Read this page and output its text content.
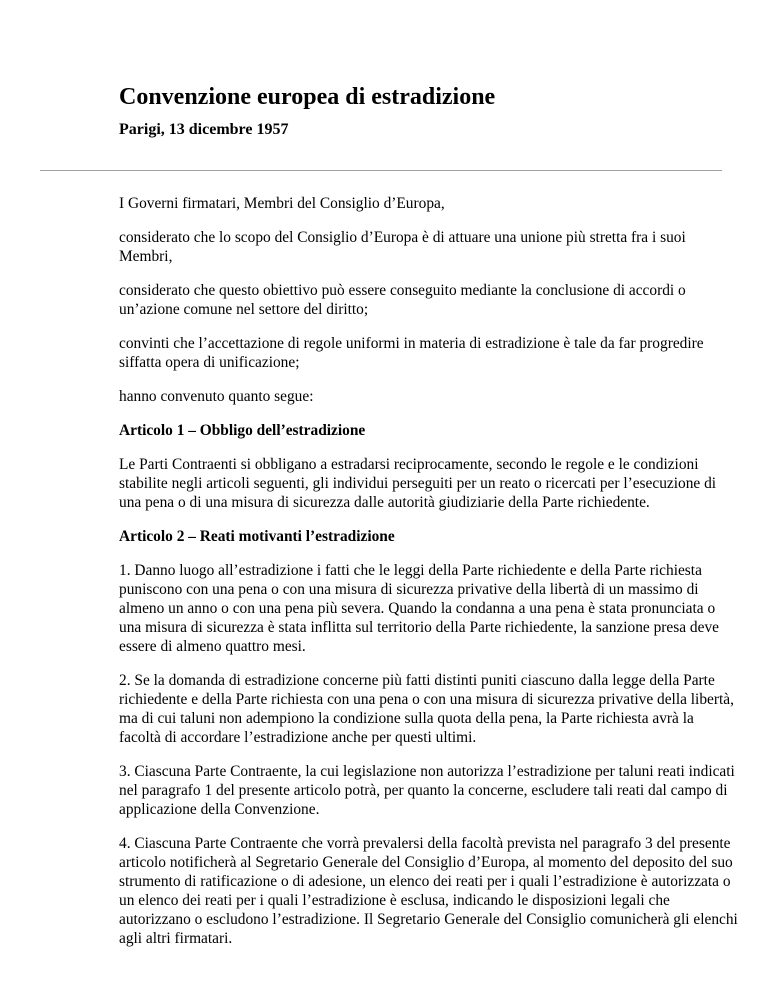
Convenzione europea di estradizione
Parigi, 13 dicembre 1957

I Governi firmatari, Membri del Consiglio d’Europa,

considerato che lo scopo del Consiglio d’Europa è di attuare una unione più stretta fra i suoi Membri,

considerato che questo obiettivo può essere conseguito mediante la conclusione di accordi o un’azione comune nel settore del diritto;

convinti che l’accettazione di regole uniformi in materia di estradizione è tale da far progredire siffatta opera di unificazione;

hanno convenuto quanto segue:

Articolo 1 – Obbligo dell’estradizione

Le Parti Contraenti si obbligano a estradarsi reciprocamente, secondo le regole e le condizioni stabilite negli articoli seguenti, gli individui perseguiti per un reato o ricercati per l’esecuzione di una pena o di una misura di sicurezza dalle autorità giudiziarie della Parte richiedente.

Articolo 2 – Reati motivanti l’estradizione

1. Danno luogo all’estradizione i fatti che le leggi della Parte richiedente e della Parte richiesta puniscono con una pena o con una misura di sicurezza privative della libertà di un massimo di almeno un anno o con una pena più severa. Quando la condanna a una pena è stata pronunciata o una misura di sicurezza è stata inflitta sul territorio della Parte richiedente, la sanzione presa deve essere di almeno quattro mesi.

2. Se la domanda di estradizione concerne più fatti distinti puniti ciascuno dalla legge della Parte richiedente e della Parte richiesta con una pena o con una misura di sicurezza privative della libertà, ma di cui taluni non adempiono la condizione sulla quota della pena, la Parte richiesta avrà la facoltà di accordare l’estradizione anche per questi ultimi.

3. Ciascuna Parte Contraente, la cui legislazione non autorizza l’estradizione per taluni reati indicati nel paragrafo 1 del presente articolo potrà, per quanto la concerne, escludere tali reati dal campo di applicazione della Convenzione.

4. Ciascuna Parte Contraente che vorrà prevalersi della facoltà prevista nel paragrafo 3 del presente articolo notificherà al Segretario Generale del Consiglio d’Europa, al momento del deposito del suo strumento di ratificazione o di adesione, un elenco dei reati per i quali l’estradizione è autorizzata o un elenco dei reati per i quali l’estradizione è esclusa, indicando le disposizioni legali che autorizzano o escludono l’estradizione. Il Segretario Generale del Consiglio comunicherà gli elenchi agli altri firmatari.
